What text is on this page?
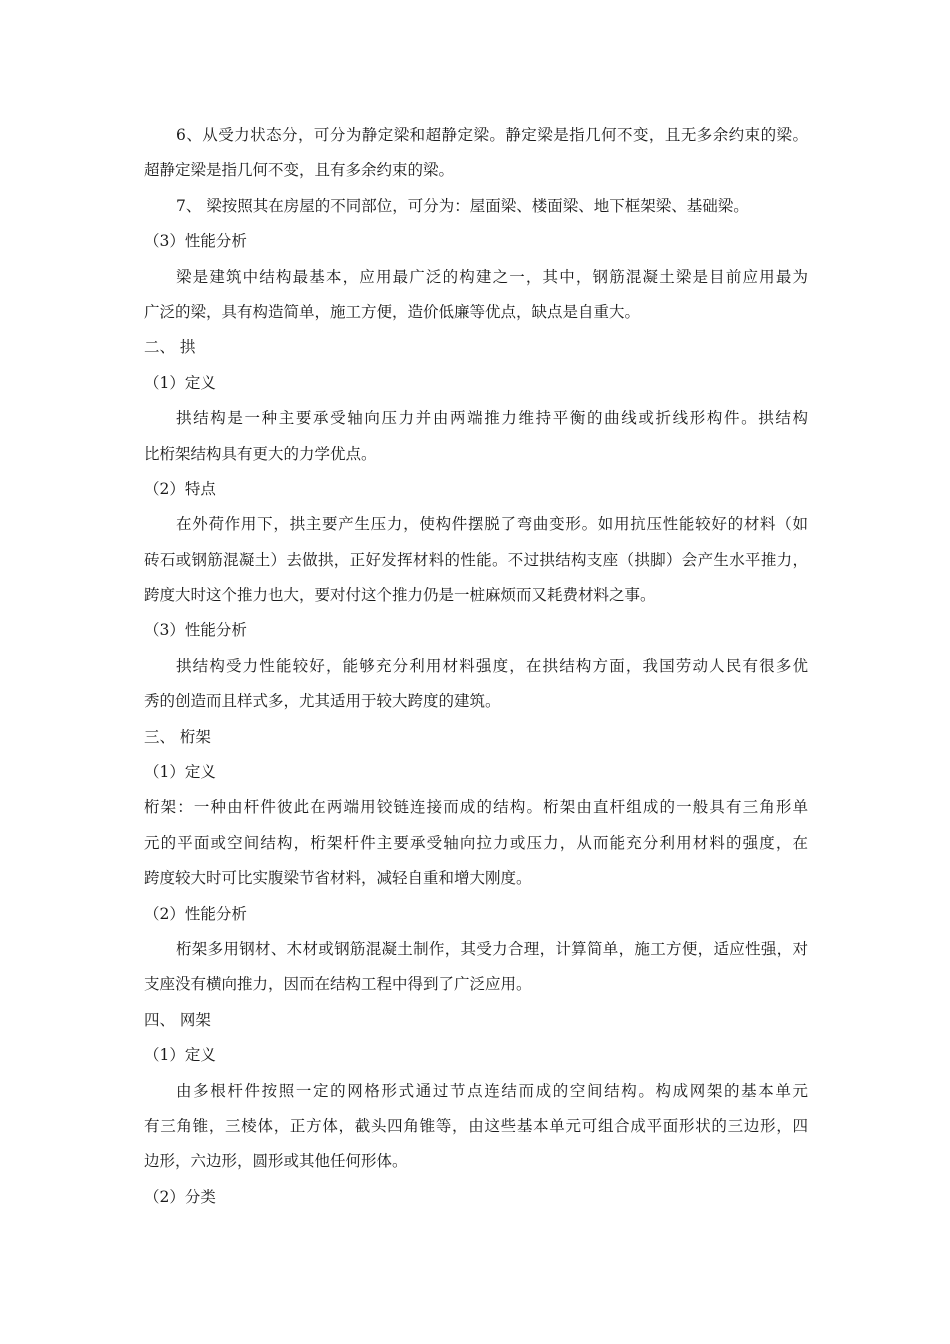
6、从受力状态分，可分为静定梁和超静定梁。静定梁是指几何不变，且无多余约束的梁。
超静定梁是指几何不变，且有多余约束的梁。
7、 梁按照其在房屋的不同部位，可分为：屋面梁、楼面梁、地下框架梁、基础梁。
（3）性能分析
梁是建筑中结构最基本，应用最广泛的构建之一，其中，钢筋混凝土梁是目前应用最为
广泛的梁，具有构造简单，施工方便，造价低廉等优点，缺点是自重大。
二、 拱
（1）定义
拱结构是一种主要承受轴向压力并由两端推力维持平衡的曲线或折线形构件。拱结构
比桁架结构具有更大的力学优点。
（2）特点
在外荷作用下，拱主要产生压力，使构件摆脱了弯曲变形。如用抗压性能较好的材料（如
砖石或钢筋混凝土）去做拱，正好发挥材料的性能。不过拱结构支座（拱脚）会产生水平推力，
跨度大时这个推力也大，要对付这个推力仍是一桩麻烦而又耗费材料之事。
（3）性能分析
拱结构受力性能较好，能够充分利用材料强度，在拱结构方面，我国劳动人民有很多优
秀的创造而且样式多，尤其适用于较大跨度的建筑。
三、 桁架
（1）定义
桁架：一种由杆件彼此在两端用铰链连接而成的结构。桁架由直杆组成的一般具有三角形单
元的平面或空间结构，桁架杆件主要承受轴向拉力或压力，从而能充分利用材料的强度，在
跨度较大时可比实腹梁节省材料，减轻自重和增大刚度。
（2）性能分析
桁架多用钢材、木材或钢筋混凝土制作，其受力合理，计算简单，施工方便，适应性强，对
支座没有横向推力，因而在结构工程中得到了广泛应用。
四、 网架
（1）定义
由多根杆件按照一定的网格形式通过节点连结而成的空间结构。构成网架的基本单元
有三角锥，三棱体，正方体，截头四角锥等，由这些基本单元可组合成平面形状的三边形，四
边形，六边形，圆形或其他任何形体。
（2）分类
